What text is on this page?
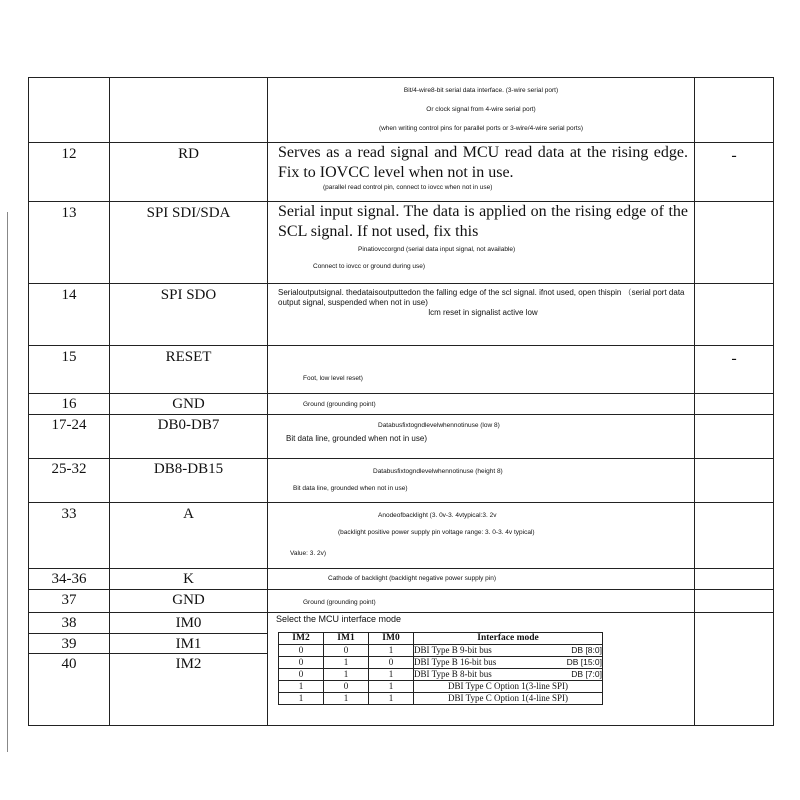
Bit/4-wire8-bit serial data interface. (3-wire serial port)
Or clock signal from 4-wire serial port)
(when writing control pins for parallel ports or 3-wire/4-wire serial ports)

12	RD	Serves as a read signal and MCU read data at the rising edge. Fix to IOVCC level when not in use.
(parallel read control pin, connect to iovcc when not in use)

-

13	SPI SDI/SDA	Serial input signal. The data is applied on the rising edge of the SCL signal. If not used, fix this
Pinatiovccorgnd (serial data input signal, not available)
Connect to iovcc or ground during use)

14	SPI SDO	Serialoutputsignal. thedataisoutputtedon the falling edge of the scl signal. ifnot used, open thispin （serial port data output signal, suspended when not in use)
lcm reset in signalist active low

15	RESET

Foot, low level reset)

-

16	GND	Ground (grounding point)

17-24	DB0-DB7	Databusfixtogndlevelwhennotinuse (low 8)
Bit data line, grounded when not in use)

25-32	DB8-DB15	Databusfixtogndlevelwhennotinuse (height 8)
Bit data line, grounded when not in use)

33	A	Anodeofbacklight (3. 0v-3. 4vtypical:3. 2v
(backlight positive power supply pin voltage range: 3. 0-3. 4v typical)
Value: 3. 2v)

34-36	K	Cathode of backlight (backlight negative power supply pin)

37	GND	Ground (grounding point)

38	IM0	Select the MCU interface mode
IM2	IM1	IM0	Interface mode
0	0	1	DBI Type B 9-bit bus	DB [8:0]

0	1	0	DBI Type B 16-bit bus	DB [15:0]

0	1	1	DBI Type B 8-bit bus	DB [7:0]

1	0	1	DBI Type C Option 1(3-line SPI)

1	1	1	DBI Type C Option 1(4-line SPI)

39	IM1

40	IM2
